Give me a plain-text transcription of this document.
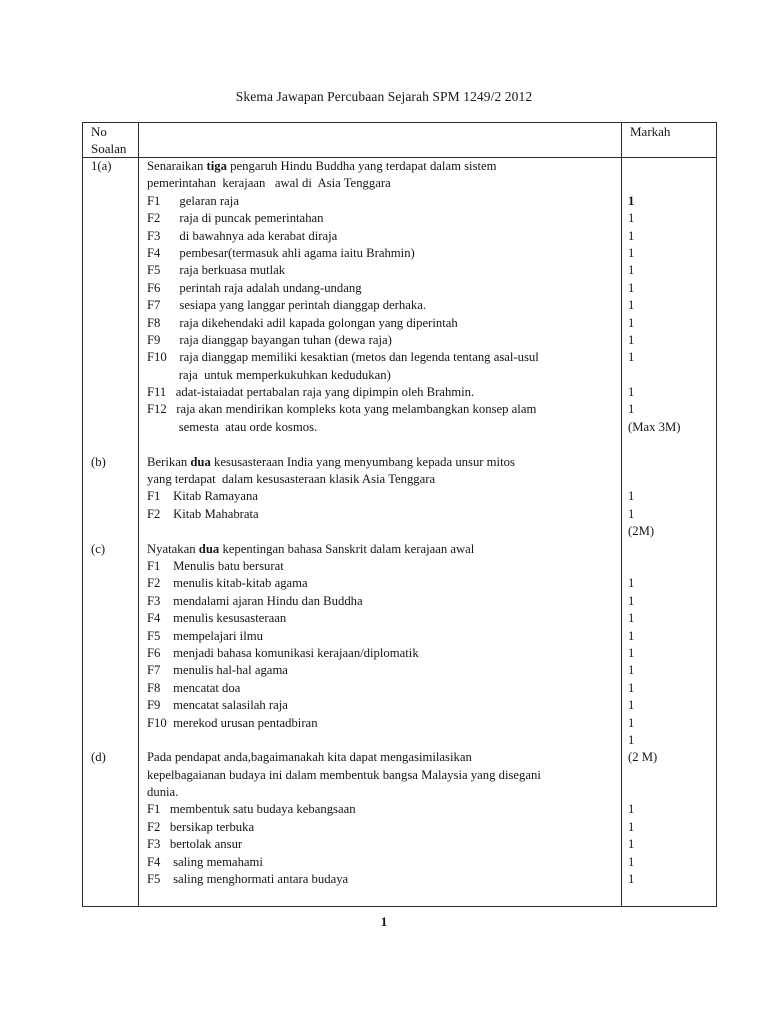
Skema Jawapan Percubaan Sejarah SPM 1249/2 2012
No
Soalan
Markah
1(a)

(b)

(c)

(d)

Senaraikan tiga pengaruh Hindu Buddha yang terdapat dalam sistem
pemerintahan  kerajaan   awal di  Asia Tenggara
F1      gelaran raja
F2      raja di puncak pemerintahan
F3      di bawahnya ada kerabat diraja
F4      pembesar(termasuk ahli agama iaitu Brahmin)
F5      raja berkuasa mutlak
F6      perintah raja adalah undang-undang
F7      sesiapa yang langgar perintah dianggap derhaka.
F8      raja dikehendaki adil kapada golongan yang diperintah
F9      raja dianggap bayangan tuhan (dewa raja)
F10    raja dianggap memiliki kesaktian (metos dan legenda tentang asal-usul
raja  untuk memperkukuhkan kedudukan)
F11   adat-istaiadat pertabalan raja yang dipimpin oleh Brahmin.
F12   raja akan mendirikan kompleks kota yang melambangkan konsep alam
semesta  atau orde kosmos.

Berikan dua kesusasteraan India yang menyumbang kepada unsur mitos
yang terdapat  dalam kesusasteraan klasik Asia Tenggara
F1    Kitab Ramayana
F2    Kitab Mahabrata

Nyatakan dua kepentingan bahasa Sanskrit dalam kerajaan awal
F1    Menulis batu bersurat
F2    menulis kitab-kitab agama
F3    mendalami ajaran Hindu dan Buddha
F4    menulis kesusasteraan
F5    mempelajari ilmu
F6    menjadi bahasa komunikasi kerajaan/diplomatik
F7    menulis hal-hal agama
F8    mencatat doa
F9    mencatat salasilah raja
F10  merekod urusan pentadbiran

Pada pendapat anda,bagaimanakah kita dapat mengasimilasikan
kepelbagaianan budaya ini dalam membentuk bangsa Malaysia yang disegani
dunia.
F1   membentuk satu budaya kebangsaan
F2   bersikap terbuka
F3   bertolak ansur
F4    saling memahami
F5    saling menghormati antara budaya

1
1
1
1
1
1
1
1
1
1

1
1
(Max 3M)

1
1
(2M)

1
1
1
1
1
1
1
1
1
1
(2 M)

1
1
1
1
1

1
